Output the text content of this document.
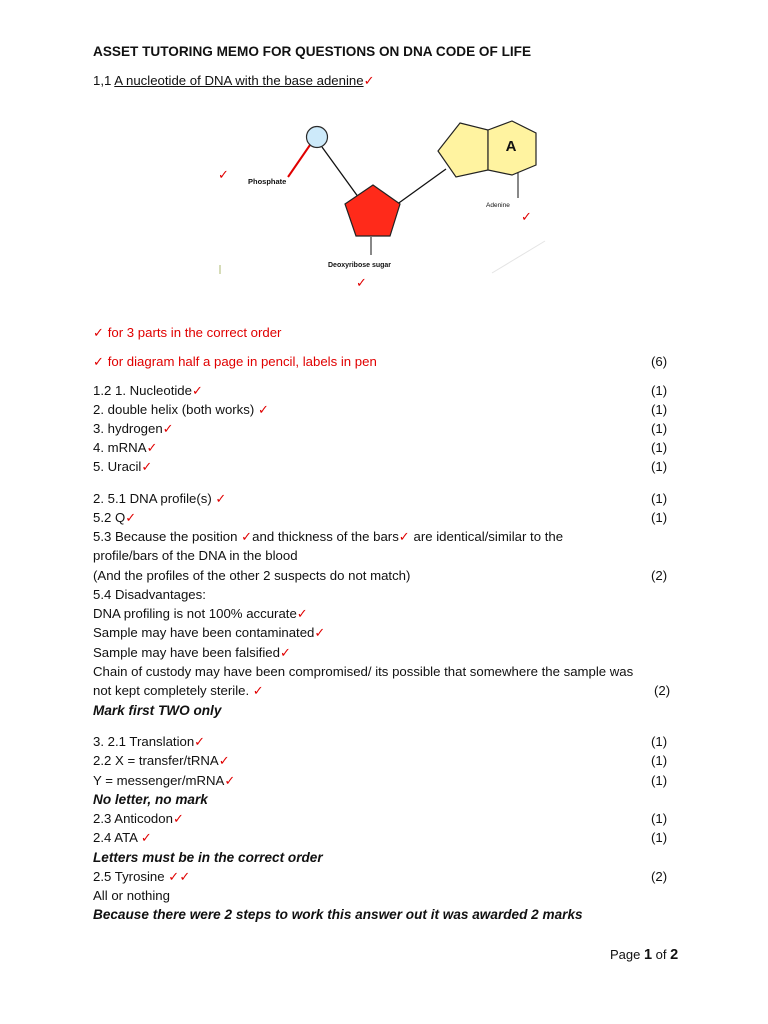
ASSET TUTORING MEMO FOR QUESTIONS ON DNA CODE OF LIFE
1,1 A nucleotide of DNA with the base adenine✓
A
Phosphate
Adenine
Deoxyribose sugar
✓
✓
✓
✓ for 3 parts in the correct order
✓ for diagram half a page in pencil, labels in pen	(6)
1.2 1. Nucleotide✓	(1)
2. double helix (both works) ✓	(1)
3. hydrogen✓	(1)
4. mRNA✓	(1)
5. Uracil✓	(1)
2. 5.1 DNA profile(s) ✓	(1)
5.2 Q✓	(1)
5.3 Because the position ✓and thickness of the bars✓ are identical/similar to the
profile/bars of the DNA in the blood
(And the profiles of the other 2 suspects do not match)	(2)
5.4 Disadvantages:
DNA profiling is not 100% accurate✓
Sample may have been contaminated✓
Sample may have been falsified✓
Chain of custody may have been compromised/ its possible that somewhere the sample was
not kept completely sterile. ✓	(2)
Mark first TWO only
3. 2.1 Translation✓	(1)
2.2 X = transfer/tRNA✓	(1)
Y = messenger/mRNA✓	(1)
No letter, no mark
2.3 Anticodon✓	(1)
2.4 ATA ✓	(1)
Letters must be in the correct order
2.5 Tyrosine ✓✓	(2)
All or nothing
Because there were 2 steps to work this answer out it was awarded 2 marks
Page 1 of 2
